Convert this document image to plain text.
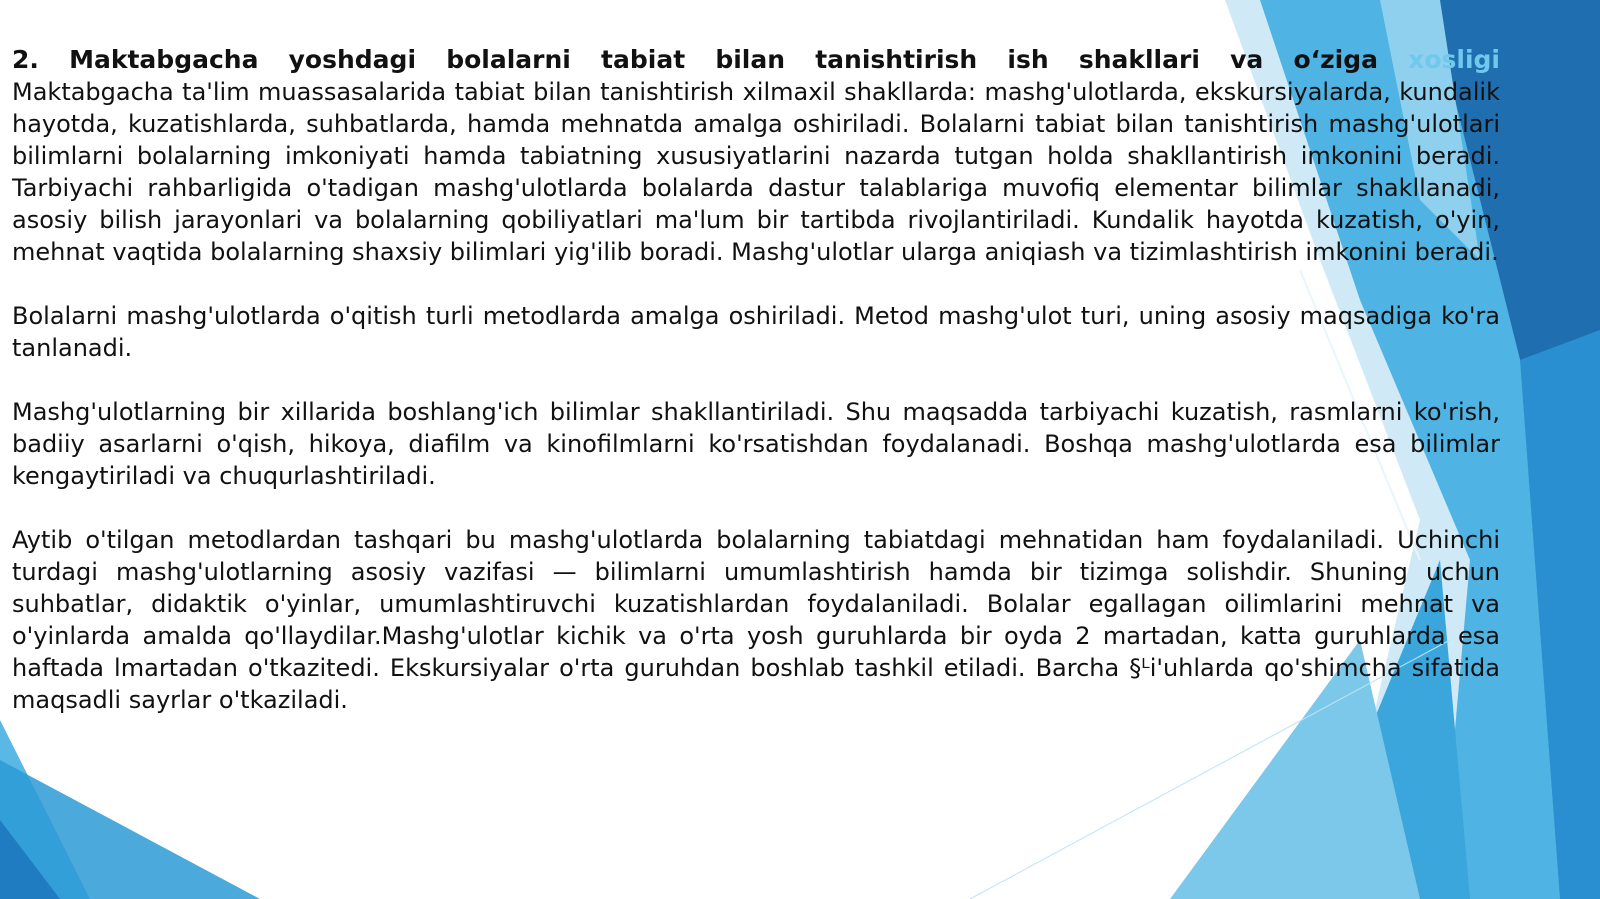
2. Maktabgacha yoshdagi bolalarni tabiat bilan tanishtirish ish shakllari va o‘ziga xosligi

Maktabgacha ta'lim muassasalarida tabiat bilan tanishtirish xilmaxil shakllarda: mashg'ulotlarda, ekskursiyalarda, kundalik hayotda, kuzatishlarda, suhbatlarda, hamda mehnatda amalga oshiriladi. Bolalarni tabiat bilan tanishtirish mashg'ulotlari bilimlarni bolalarning imkoniyati hamda tabiatning xususiyatlarini nazarda tutgan holda shakllantirish imkonini beradi. Tarbiyachi rahbarligida o'tadigan mashg'ulotlarda bolalarda dastur talablariga muvofiq elementar bilimlar shakllanadi, asosiy bilish jarayonlari va bolalarning qobiliyatlari ma'lum bir tartibda rivojlantiriladi. Kundalik hayotda kuzatish, o'yin, mehnat vaqtida bolalarning shaxsiy bilimlari yig'ilib boradi. Mashg'ulotlar ularga aniqiash va tizimlashtirish imkonini beradi.

Bolalarni mashg'ulotlarda o'qitish turli metodlarda amalga oshiriladi. Metod mashg'ulot turi, uning asosiy maqsadiga ko'ra tanlanadi.

Mashg'ulotlarning bir xillarida boshlang'ich bilimlar shakllantiriladi. Shu maqsadda tarbiyachi kuzatish, rasmlarni ko'rish, badiiy asarlarni o'qish, hikoya, diafilm va kinofilmlarni ko'rsatishdan foydalanadi. Boshqa mashg'ulotlarda esa bilimlar kengaytiriladi va chuqurlashtiriladi.

Aytib o'tilgan metodlardan tashqari bu mashg'ulotlarda bolalarning tabiatdagi mehnatidan ham foydalaniladi. Uchinchi turdagi mashg'ulotlarning asosiy vazifasi — bilimlarni umumlashtirish hamda bir tizimga solishdir. Shuning uchun suhbatlar, didaktik o'yinlar, umumlashtiruvchi kuzatishlardan foydalaniladi. Bolalar egallagan oilimlarini mehnat va o'yinlarda amalda qo'llaydilar.Mashg'ulotlar kichik va o'rta yosh guruhlarda bir oyda 2 martadan, katta guruhlarda esa haftada lmartadan o'tkazitedi. Ekskursiyalar o'rta guruhdan boshlab tashkil etiladi. Barcha §ᴸi'uhlarda qo'shimcha sifatida maqsadli sayrlar o'tkaziladi.
